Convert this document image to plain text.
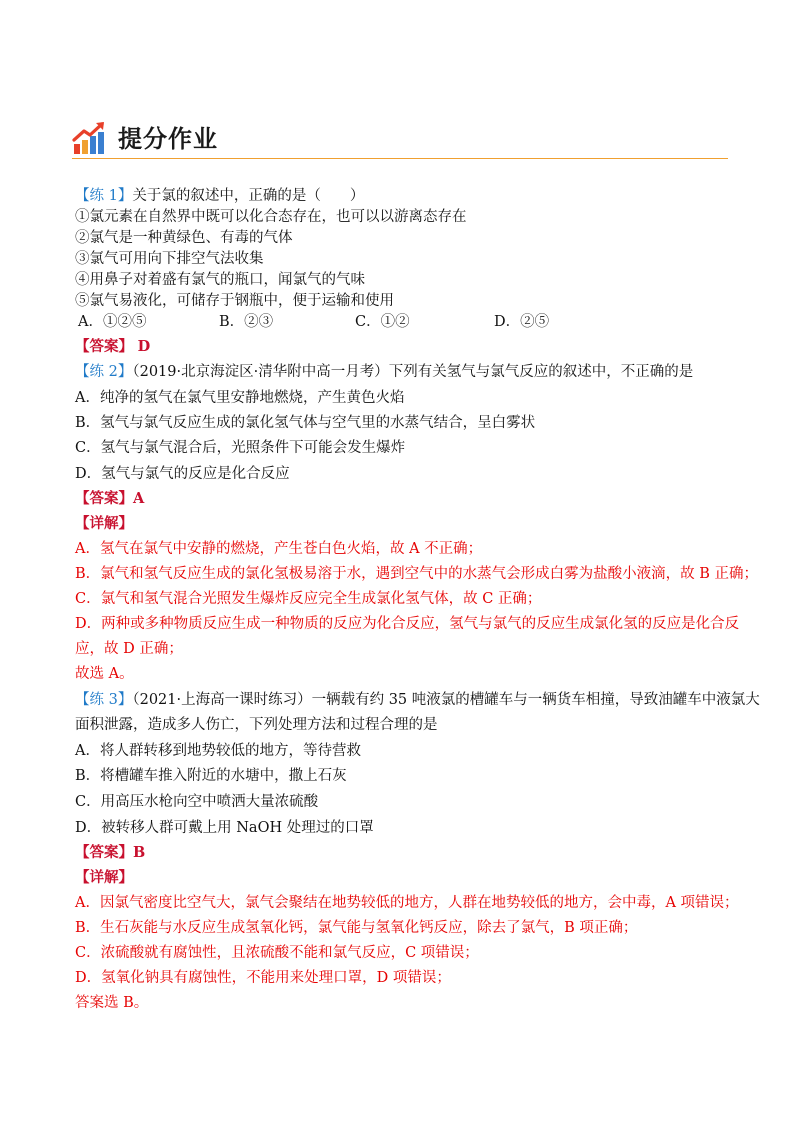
提分作业
【练 1】关于氯的叙述中，正确的是（　　）
①氯元素在自然界中既可以化合态存在，也可以以游离态存在
②氯气是一种黄绿色、有毒的气体
③氯气可用向下排空气法收集
④用鼻子对着盛有氯气的瓶口，闻氯气的气味
⑤氯气易液化，可储存于钢瓶中，便于运输和使用
A．①②⑤	B．②③	C．①②	D．②⑤
【答案】 D
【练 2】（2019·北京海淀区·清华附中高一月考）下列有关氢气与氯气反应的叙述中，不正确的是
A．纯净的氢气在氯气里安静地燃烧，产生黄色火焰
B．氢气与氯气反应生成的氯化氢气体与空气里的水蒸气结合，呈白雾状
C．氢气与氯气混合后，光照条件下可能会发生爆炸
D．氢气与氯气的反应是化合反应
【答案】A
【详解】
A．氢气在氯气中安静的燃烧，产生苍白色火焰，故 A 不正确；
B．氯气和氢气反应生成的氯化氢极易溶于水，遇到空气中的水蒸气会形成白雾为盐酸小液滴，故 B 正确；
C．氯气和氢气混合光照发生爆炸反应完全生成氯化氢气体，故 C 正确；
D．两种或多种物质反应生成一种物质的反应为化合反应，氢气与氯气的反应生成氯化氢的反应是化合反
应，故 D 正确；
故选 A。
【练 3】（2021·上海高一课时练习）一辆载有约 35 吨液氯的槽罐车与一辆货车相撞，导致油罐车中液氯大
面积泄露，造成多人伤亡，下列处理方法和过程合理的是
A．将人群转移到地势较低的地方，等待营救
B．将槽罐车推入附近的水塘中，撒上石灰
C．用高压水枪向空中喷洒大量浓硫酸
D．被转移人群可戴上用 NaOH 处理过的口罩
【答案】B
【详解】
A．因氯气密度比空气大，氯气会聚结在地势较低的地方，人群在地势较低的地方，会中毒，A 项错误；
B．生石灰能与水反应生成氢氧化钙，氯气能与氢氧化钙反应，除去了氯气，B 项正确；
C．浓硫酸就有腐蚀性，且浓硫酸不能和氯气反应，C 项错误；
D．氢氧化钠具有腐蚀性，不能用来处理口罩，D 项错误；
答案选 B。
